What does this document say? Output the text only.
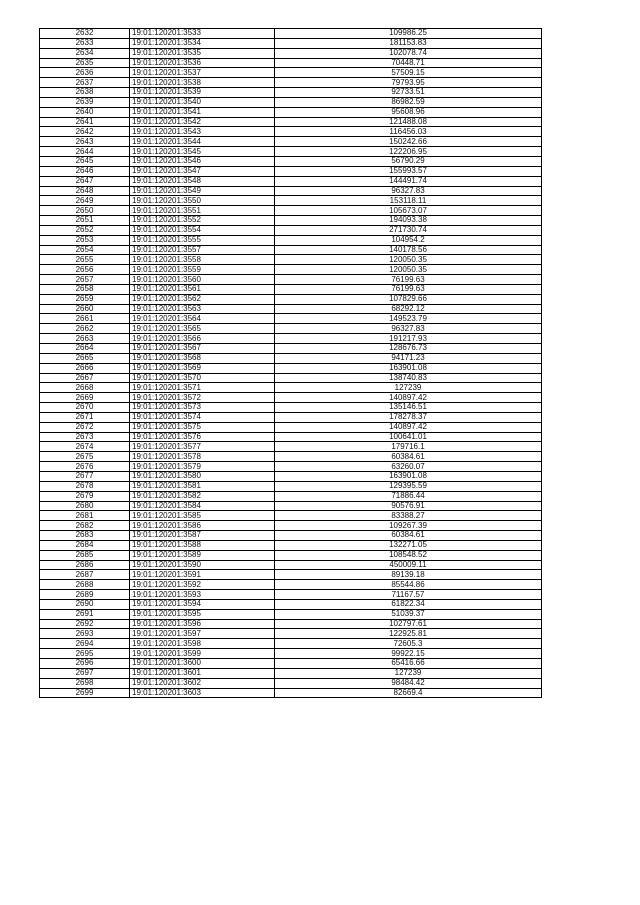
2632	19:01:120201:3533	109986.25
2633	19:01:120201:3534	181153.83
2634	19:01:120201:3535	102078.74
2635	19:01:120201:3536	70448.71
2636	19:01:120201:3537	57509.15
2637	19:01:120201:3538	79793.95
2638	19:01:120201:3539	92733.51
2639	19:01:120201:3540	86982.59
2640	19:01:120201:3541	95608.96
2641	19:01:120201:3542	121488.08
2642	19:01:120201:3543	116456.03
2643	19:01:120201:3544	150242.66
2644	19:01:120201:3545	122206.95
2645	19:01:120201:3546	56790.29
2646	19:01:120201:3547	155993.57
2647	19:01:120201:3548	144491.74
2648	19:01:120201:3549	96327.83
2649	19:01:120201:3550	153118.11
2650	19:01:120201:3551	105673.07
2651	19:01:120201:3552	194093.38
2652	19:01:120201:3554	271730.74
2653	19:01:120201:3555	104954.2
2654	19:01:120201:3557	140178.56
2655	19:01:120201:3558	120050.35
2656	19:01:120201:3559	120050.35
2657	19:01:120201:3560	76199.63
2658	19:01:120201:3561	76199.63
2659	19:01:120201:3562	107829.66
2660	19:01:120201:3563	68292.12
2661	19:01:120201:3564	149523.79
2662	19:01:120201:3565	96327.83
2663	19:01:120201:3566	191217.93
2664	19:01:120201:3567	128676.73
2665	19:01:120201:3568	94171.23
2666	19:01:120201:3569	163901.08
2667	19:01:120201:3570	138740.83
2668	19:01:120201:3571	127239
2669	19:01:120201:3572	140897.42
2670	19:01:120201:3573	135146.51
2671	19:01:120201:3574	178278.37
2672	19:01:120201:3575	140897.42
2673	19:01:120201:3576	100641.01
2674	19:01:120201:3577	179716.1
2675	19:01:120201:3578	60384.61
2676	19:01:120201:3579	63260.07
2677	19:01:120201:3580	163901.08
2678	19:01:120201:3581	129395.59
2679	19:01:120201:3582	71886.44
2680	19:01:120201:3584	90576.91
2681	19:01:120201:3585	83388.27
2682	19:01:120201:3586	109267.39
2683	19:01:120201:3587	60384.61
2684	19:01:120201:3588	132271.05
2685	19:01:120201:3589	108548.52
2686	19:01:120201:3590	450009.11
2687	19:01:120201:3591	89139.18
2688	19:01:120201:3592	85544.86
2689	19:01:120201:3593	71167.57
2690	19:01:120201:3594	61822.34
2691	19:01:120201:3595	51039.37
2692	19:01:120201:3596	102797.61
2693	19:01:120201:3597	122925.81
2694	19:01:120201:3598	72605.3
2695	19:01:120201:3599	99922.15
2696	19:01:120201:3600	65416.66
2697	19:01:120201:3601	127239
2698	19:01:120201:3602	98484.42
2699	19:01:120201:3603	82669.4
